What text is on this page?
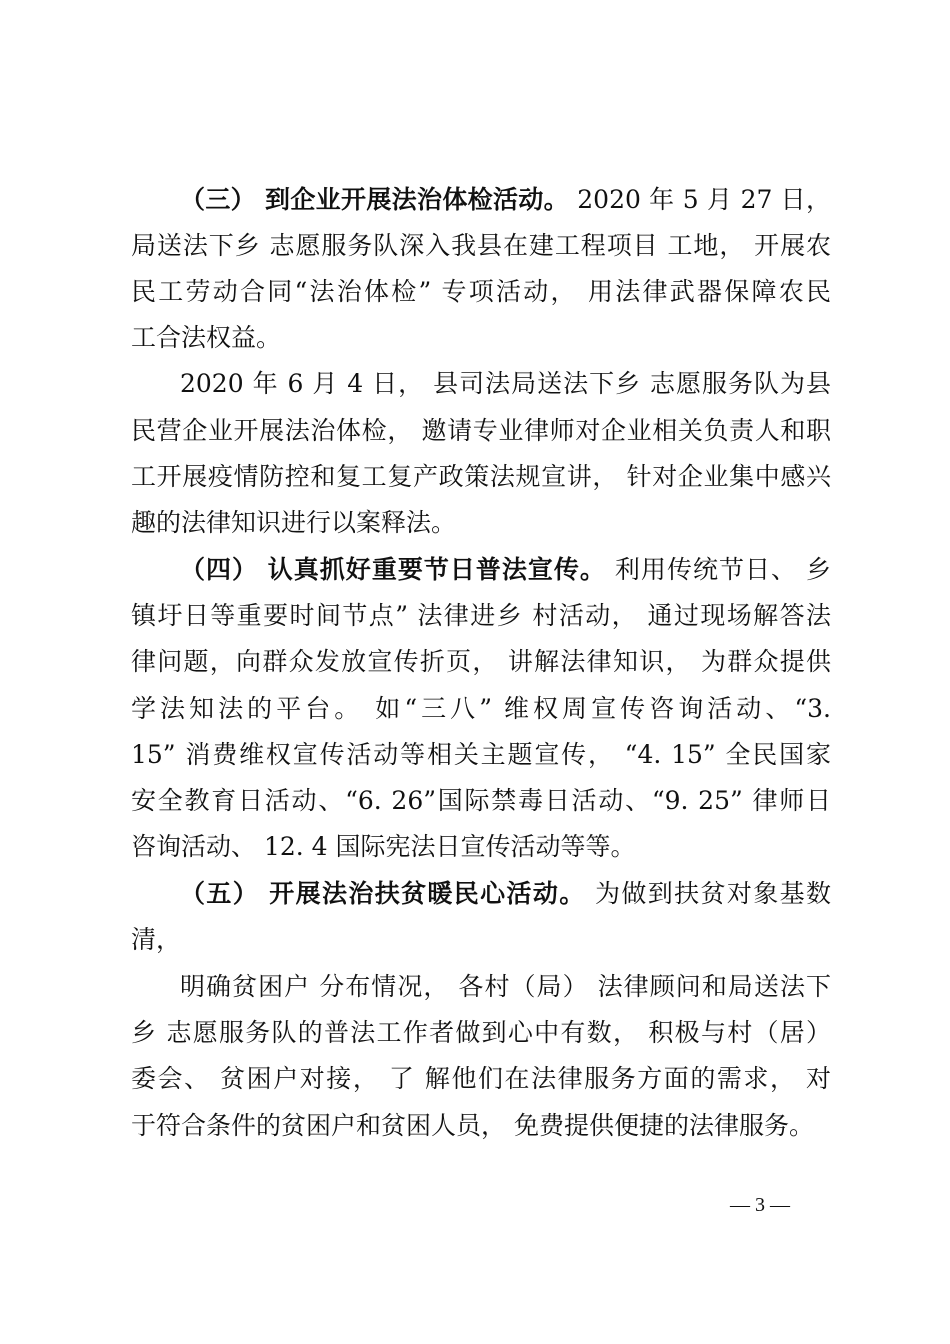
（三） 到企业开展法治体检活动。 2020 年 5 月 27 日，
局送法下乡 志愿服务队深入我县在建工程项目 工地， 开展农
民工劳动合同“法治体检” 专项活动， 用法律武器保障农民
工合法权益。
2020 年 6 月 4 日， 县司法局送法下乡 志愿服务队为县
民营企业开展法治体检， 邀请专业律师对企业相关负责人和职
工开展疫情防控和复工复产政策法规宣讲， 针对企业集中感兴
趣的法律知识进行以案释法。
（四） 认真抓好重要节日普法宣传。 利用传统节日、 乡
镇圩日等重要时间节点” 法律进乡 村活动， 通过现场解答法
律问题，向群众发放宣传折页， 讲解法律知识， 为群众提供
学法知法的平台。 如“三八” 维权周宣传咨询活动、“3.
15” 消费维权宣传活动等相关主题宣传， “4. 15” 全民国家
安全教育日活动、“6. 26”国际禁毒日活动、“9. 25” 律师日
咨询活动、 12. 4 国际宪法日宣传活动等等。
（五） 开展法治扶贫暖民心活动。 为做到扶贫对象基数
清，
明确贫困户 分布情况， 各村（局） 法律顾问和局送法下
乡 志愿服务队的普法工作者做到心中有数， 积极与村（居）
委会、 贫困户对接， 了 解他们在法律服务方面的需求， 对
于符合条件的贫困户和贫困人员， 免费提供便捷的法律服务。
— 3 —
